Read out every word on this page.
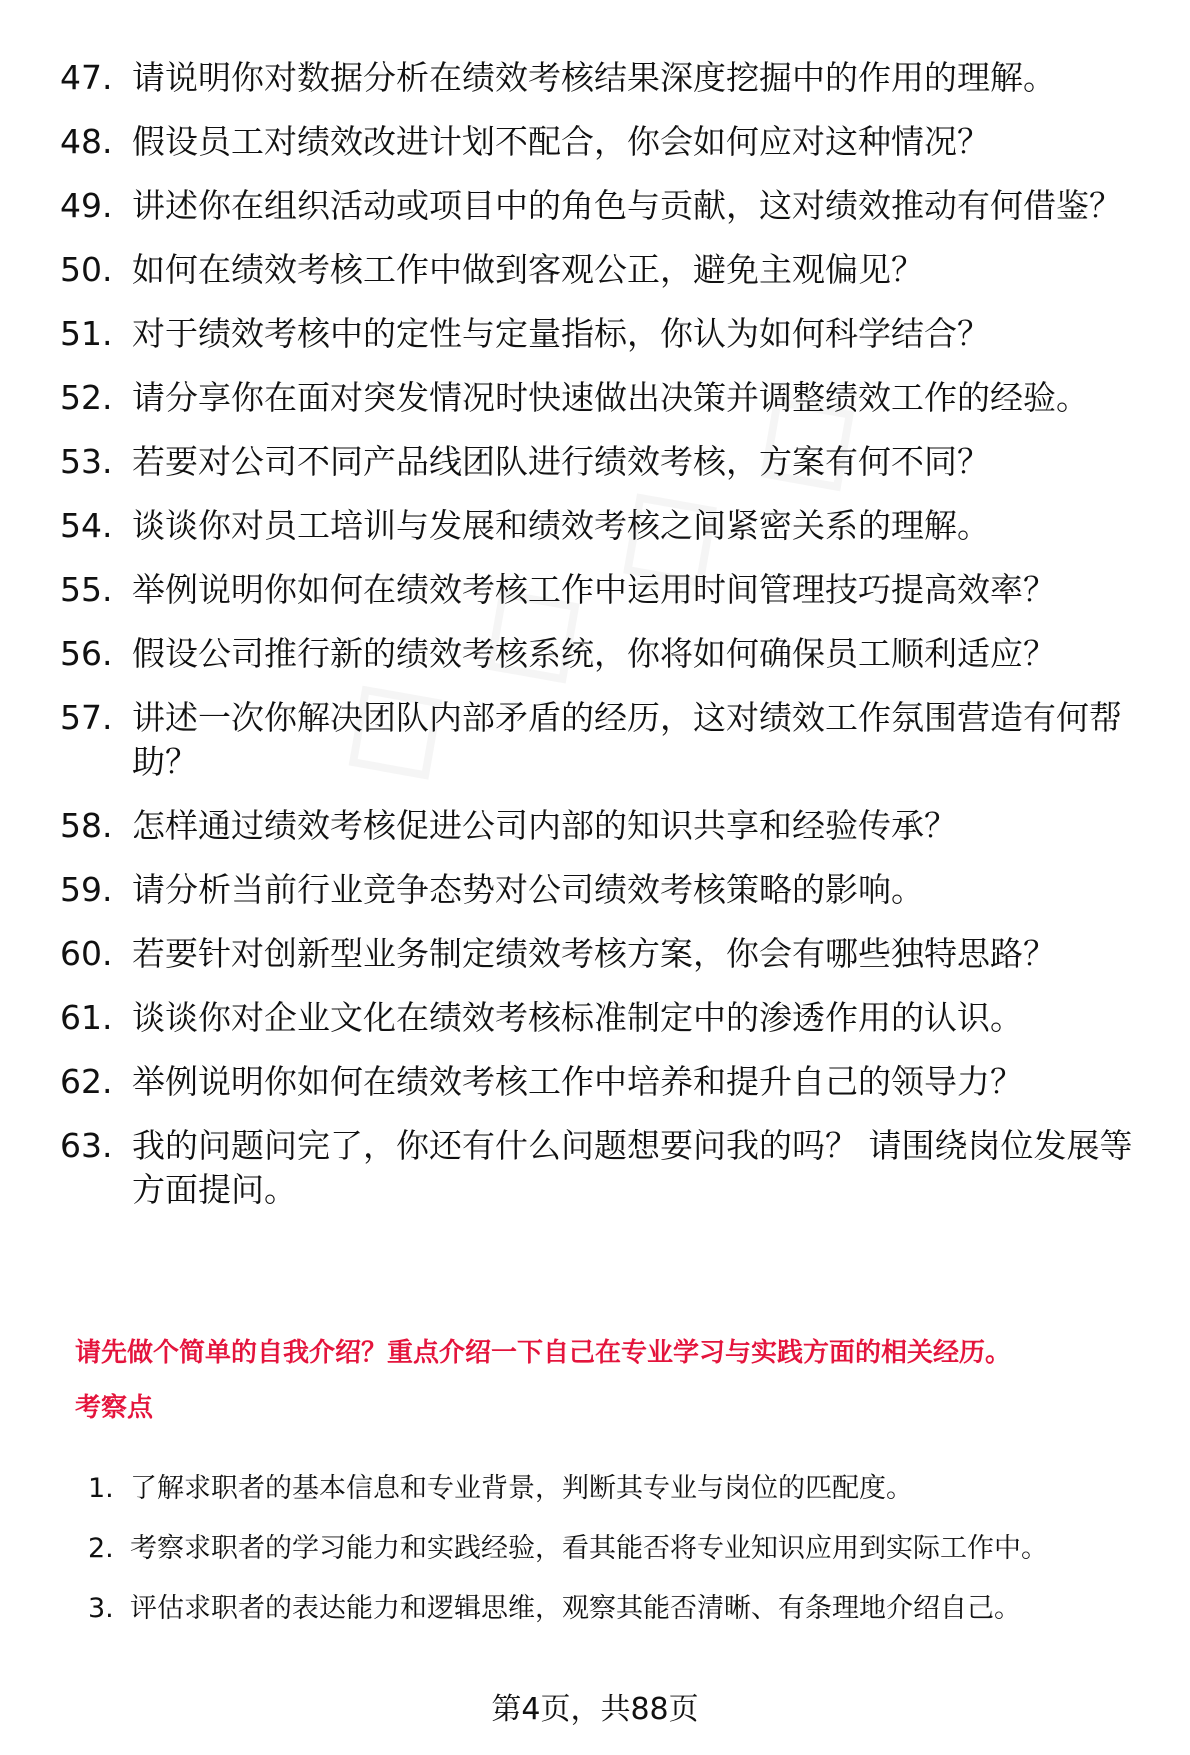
47. 请说明你对数据分析在绩效考核结果深度挖掘中的作用的理解。
48. 假设员工对绩效改进计划不配合，你会如何应对这种情况？
49. 讲述你在组织活动或项目中的角色与贡献，这对绩效推动有何借鉴？
50. 如何在绩效考核工作中做到客观公正，避免主观偏见？
51. 对于绩效考核中的定性与定量指标，你认为如何科学结合？
52. 请分享你在面对突发情况时快速做出决策并调整绩效工作的经验。
53. 若要对公司不同产品线团队进行绩效考核，方案有何不同？
54. 谈谈你对员工培训与发展和绩效考核之间紧密关系的理解。
55. 举例说明你如何在绩效考核工作中运用时间管理技巧提高效率？
56. 假设公司推行新的绩效考核系统，你将如何确保员工顺利适应？
57. 讲述一次你解决团队内部矛盾的经历，这对绩效工作氛围营造有何帮助？
58. 怎样通过绩效考核促进公司内部的知识共享和经验传承？
59. 请分析当前行业竞争态势对公司绩效考核策略的影响。
60. 若要针对创新型业务制定绩效考核方案，你会有哪些独特思路？
61. 谈谈你对企业文化在绩效考核标准制定中的渗透作用的认识。
62. 举例说明你如何在绩效考核工作中培养和提升自己的领导力？
63. 我的问题问完了，你还有什么问题想要问我的吗？ 请围绕岗位发展等方面提问。
请先做个简单的自我介绍？重点介绍一下自己在专业学习与实践方面的相关经历。
考察点
1. 了解求职者的基本信息和专业背景，判断其专业与岗位的匹配度。
2. 考察求职者的学习能力和实践经验，看其能否将专业知识应用到实际工作中。
3. 评估求职者的表达能力和逻辑思维，观察其能否清晰、有条理地介绍自己。
第4页，共88页
